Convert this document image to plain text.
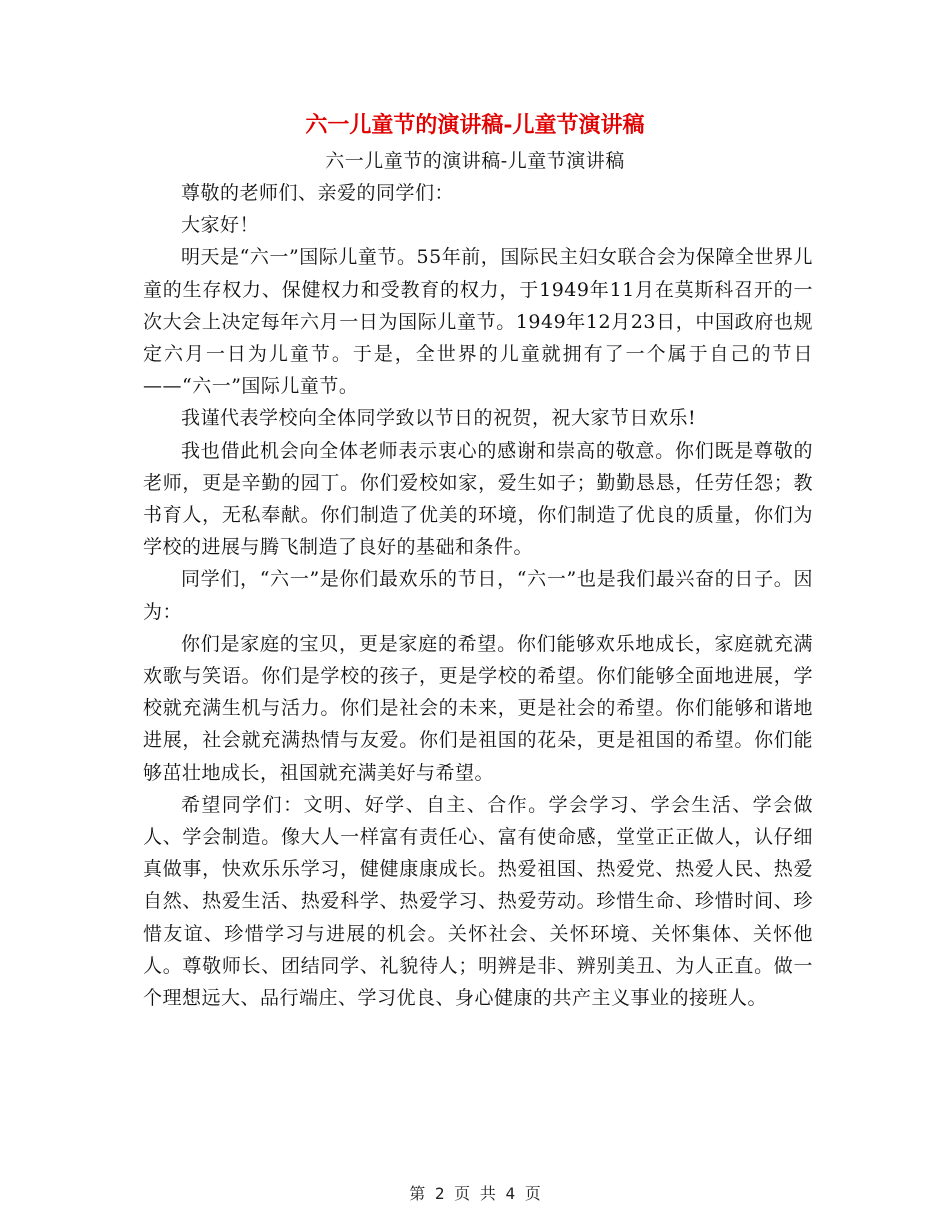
六一儿童节的演讲稿-儿童节演讲稿
六一儿童节的演讲稿-儿童节演讲稿

尊敬的老师们、亲爱的同学们：

大家好！

明天是“六一”国际儿童节。55年前，国际民主妇女联合会为保障全世界儿童的生存权力、保健权力和受教育的权力，于1949年11月在莫斯科召开的一次大会上决定每年六月一日为国际儿童节。1949年12月23日，中国政府也规定六月一日为儿童节。于是，全世界的儿童就拥有了一个属于自己的节日——“六一”国际儿童节。

我谨代表学校向全体同学致以节日的祝贺，祝大家节日欢乐!

我也借此机会向全体老师表示衷心的感谢和崇高的敬意。你们既是尊敬的老师，更是辛勤的园丁。你们爱校如家，爱生如子；勤勤恳恳，任劳任怨；教书育人，无私奉献。你们制造了优美的环境，你们制造了优良的质量，你们为学校的进展与腾飞制造了良好的基础和条件。

同学们，“六一”是你们最欢乐的节日，“六一”也是我们最兴奋的日子。因为：

你们是家庭的宝贝，更是家庭的希望。你们能够欢乐地成长，家庭就充满欢歌与笑语。你们是学校的孩子，更是学校的希望。你们能够全面地进展，学校就充满生机与活力。你们是社会的未来，更是社会的希望。你们能够和谐地进展，社会就充满热情与友爱。你们是祖国的花朵，更是祖国的希望。你们能够茁壮地成长，祖国就充满美好与希望。

希望同学们：文明、好学、自主、合作。学会学习、学会生活、学会做人、学会制造。像大人一样富有责任心、富有使命感，堂堂正正做人，认仔细真做事，快欢乐乐学习，健健康康成长。热爱祖国、热爱党、热爱人民、热爱自然、热爱生活、热爱科学、热爱学习、热爱劳动。珍惜生命、珍惜时间、珍惜友谊、珍惜学习与进展的机会。关怀社会、关怀环境、关怀集体、关怀他人。尊敬师长、团结同学、礼貌待人；明辨是非、辨别美丑、为人正直。做一个理想远大、品行端庄、学习优良、身心健康的共产主义事业的接班人。

第 2 页 共 4 页
